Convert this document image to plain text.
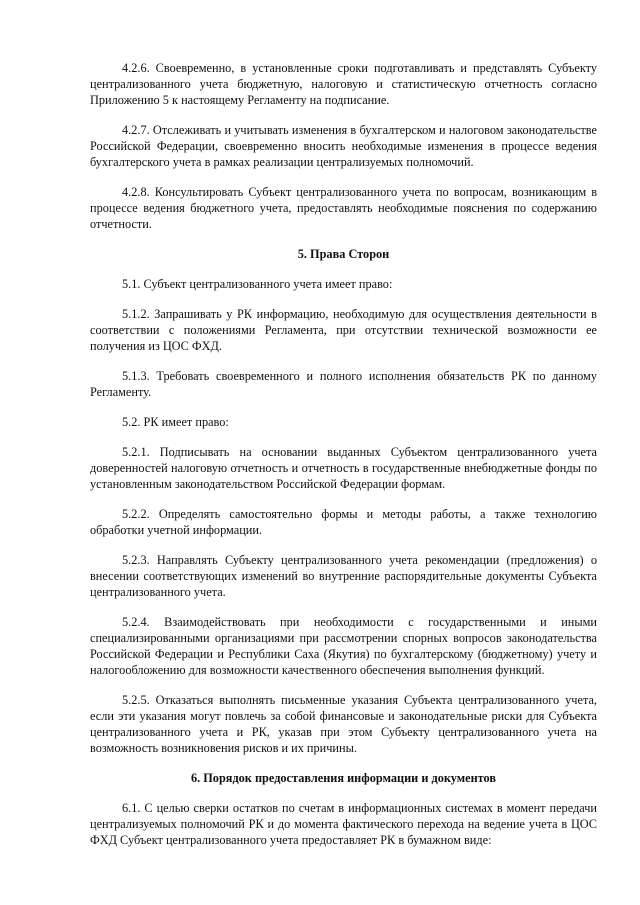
4.2.6. Своевременно, в установленные сроки подготавливать и представлять Субъекту централизованного учета бюджетную, налоговую и статистическую отчетность согласно Приложению 5 к настоящему Регламенту на подписание.

4.2.7. Отслеживать и учитывать изменения в бухгалтерском и налоговом законодательстве Российской Федерации, своевременно вносить необходимые изменения в процессе ведения бухгалтерского учета в рамках реализации централизуемых полномочий.

4.2.8. Консультировать Субъект централизованного учета по вопросам, возникающим в процессе ведения бюджетного учета, предоставлять необходимые пояснения по содержанию отчетности.

5. Права Сторон

5.1. Субъект централизованного учета имеет право:

5.1.2. Запрашивать у РК информацию, необходимую для осуществления деятельности в соответствии с положениями Регламента, при отсутствии технической возможности ее получения из ЦОС ФХД.

5.1.3. Требовать своевременного и полного исполнения обязательств РК по данному Регламенту.

5.2. РК имеет право:

5.2.1. Подписывать на основании выданных Субъектом централизованного учета доверенностей налоговую отчетность и отчетность в государственные внебюджетные фонды по установленным законодательством Российской Федерации формам.

5.2.2. Определять самостоятельно формы и методы работы, а также технологию обработки учетной информации.

5.2.3. Направлять Субъекту централизованного учета рекомендации (предложения) о внесении соответствующих изменений во внутренние распорядительные документы Субъекта централизованного учета.

5.2.4. Взаимодействовать при необходимости с государственными и иными специализированными организациями при рассмотрении спорных вопросов законодательства Российской Федерации и Республики Саха (Якутия) по бухгалтерскому (бюджетному) учету и налогообложению для возможности качественного обеспечения выполнения функций.

5.2.5. Отказаться выполнять письменные указания Субъекта централизованного учета, если эти указания могут повлечь за собой финансовые и законодательные риски для Субъекта централизованного учета и РК, указав при этом Субъекту централизованного учета на возможность возникновения рисков и их причины.

6. Порядок предоставления информации и документов

6.1. С целью сверки остатков по счетам в информационных системах в момент передачи централизуемых полномочий РК и до момента фактического перехода на ведение учета в ЦОС ФХД Субъект централизованного учета предоставляет РК в бумажном виде:
